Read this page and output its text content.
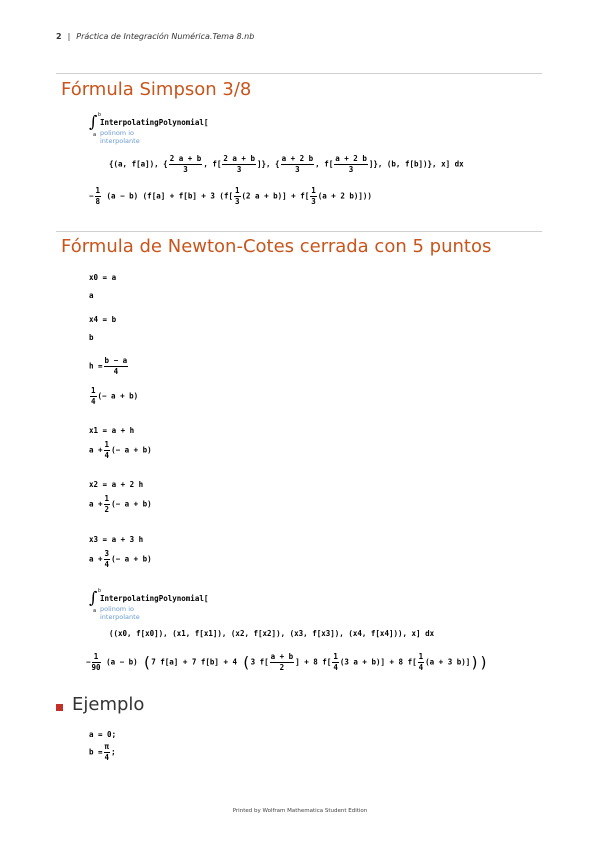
2 | Práctica de Integración Numérica.Tema 8.nb
Fórmula Simpson 3/8
∫ b
a
InterpolatingPolynomial[
polinom io interpolante
{(a, f[a]), { $\frac{2 a + b}{3}$ , $f[ \frac{2 a + b}{3}$ ]}, { $\frac{a + 2 b}{3}$ , $f[ \frac{a + 2 b}{3}$ ]}, (b, f[b])}, x] dx
− $\frac{1}{8} (a - b) (f[a] + f[b] + 3$ ($f[ \frac{1}{3} (2$ $a + b)] + f[ \frac{1}{3} (a + 2$ b)]))
Fórmula de Newton-Cotes cerrada con 5 puntos
x0 = a
a
x4 = b
b
$h = \frac{b - a}{4}$
$\frac{1}{4}$ (− a + b)
x1 = a + h
$a + \frac{1}{4}$ (− a + b)
x2 = a + 2 h
$a + \frac{1}{2}$ (− a + b)
x3 = a + 3 h
$a + \frac{3}{4}$ (− a + b)
∫ b
a
InterpolatingPolynomial[
polinom io interpolante
((x0, f[x0]), (x1, f[x1]), (x2, f[x2]), (x3, f[x3]), (x4, f[x4])), x] dx
− $\frac{1}{90} (a - b)$ (7 f[a] + 7 f[b] + 4 (3 $f[ \frac{a + b}{2}$ ] + 8 $f[ \frac{1}{4} (3$ a + b)] + 8 $f[ \frac{1}{4} (a + 3$ b)]))
Ejemplo
a = 0;
$b = \frac{\pi}{4}$ ;
Printed by Wolfram Mathematica Student Edition
